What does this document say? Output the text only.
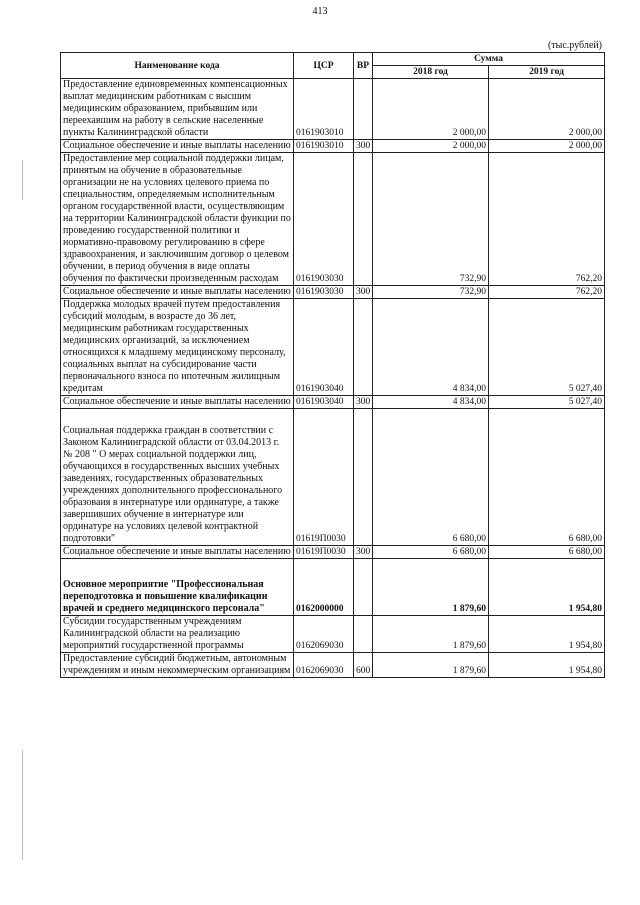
413
(тыс.рублей)
Наименование кода	ЦСР	ВР	Сумма	
			2018 год	2019 год
Предоставление единовременных компенсационных выплат медицинским работникам с высшим медицинским образованием, прибывшим или переехавшим на работу в сельские населенные пункты Калининградской области	0161903010		2 000,00	2 000,00
Социальное обеспечение и иные выплаты населению	0161903010	300	2 000,00	2 000,00
Предоставление мер социальной поддержки лицам, принятым на обучение в образовательные организации не на условиях целевого приема по специальностям, определяемым исполнительным органом государственной власти, осуществляющим на территории Калининградской области функции по проведению государственной политики и нормативно-правовому регулированию в сфере здравоохранения, и заключившим договор о целевом обучении, в период обучения в виде оплаты обучения по фактически произведенным расходам	0161903030		732,90	762,20
Социальное обеспечение и иные выплаты населению	0161903030	300	732,90	762,20
Поддержка молодых врачей путем предоставления субсидий молодым, в возрасте до 36 лет, медицинским работникам государственных медицинских организаций, за исключением относящихся к младшему медицинскому персоналу, социальных выплат на субсидирование части первоначального взноса по ипотечным жилищным кредитам	0161903040		4 834,00	5 027,40
Социальное обеспечение и иные выплаты населению	0161903040	300	4 834,00	5 027,40
Социальная поддержка граждан в соответствии с Законом Калининградской области от 03.04.2013 г. № 208 " О мерах социальной поддержки лиц, обучающихся в государственных высших учебных заведениях, государственных образовательных учреждениях дополнительного профессионального образоваия в интернатуре или ординатуре, а также завершивших обучение в интернатуре или ординатуре на условиях целевой контрактной подготовки"	01619П0030		6 680,00	6 680,00
Социальное обеспечение и иные выплаты населению	01619П0030	300	6 680,00	6 680,00
Основное мероприятие "Профессиональная переподготовка и повышение квалификации врачей и среднего медицинского персонала"	0162000000		1 879,60	1 954,80
Субсидии государственным учреждениям Калининградской области на реализацию мероприятий государственной программы	0162069030		1 879,60	1 954,80
Предоставление субсидий бюджетным, автономным учреждениям и иным некоммерческим организациям	0162069030	600	1 879,60	1 954,80
